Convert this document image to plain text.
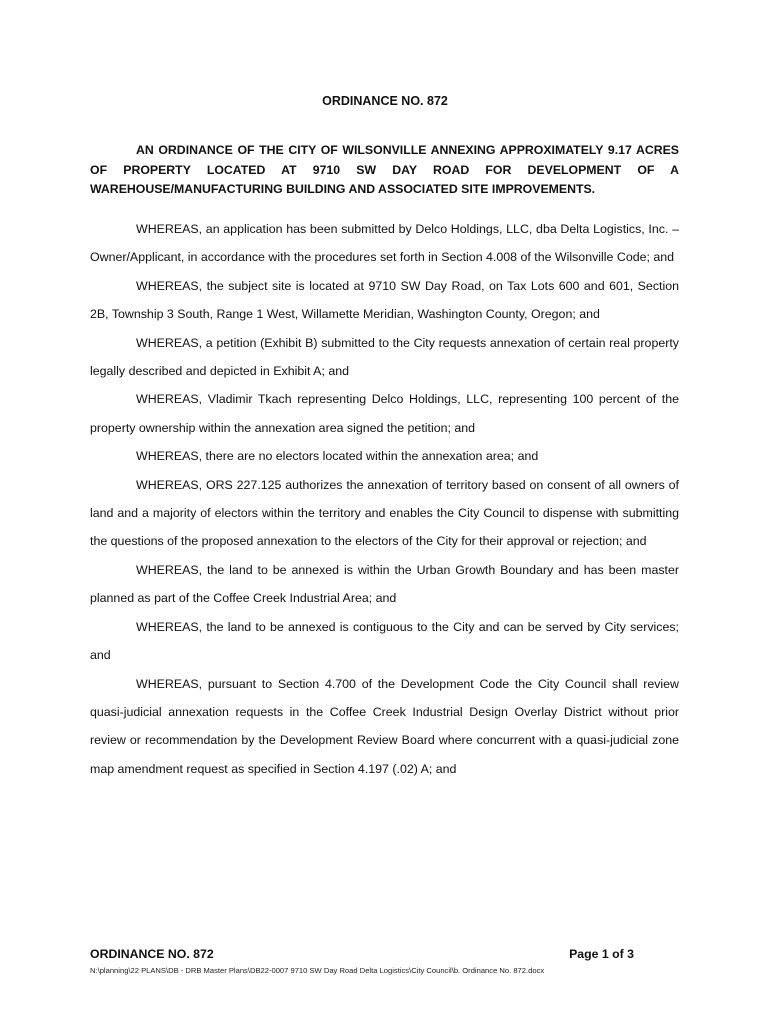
ORDINANCE NO. 872
AN ORDINANCE OF THE CITY OF WILSONVILLE ANNEXING APPROXIMATELY 9.17 ACRES OF PROPERTY LOCATED AT 9710 SW DAY ROAD FOR DEVELOPMENT OF A WAREHOUSE/MANUFACTURING BUILDING AND ASSOCIATED SITE IMPROVEMENTS.

WHEREAS, an application has been submitted by Delco Holdings, LLC, dba Delta Logistics, Inc. – Owner/Applicant, in accordance with the procedures set forth in Section 4.008 of the Wilsonville Code; and

WHEREAS, the subject site is located at 9710 SW Day Road, on Tax Lots 600 and 601, Section 2B, Township 3 South, Range 1 West, Willamette Meridian, Washington County, Oregon; and

WHEREAS, a petition (Exhibit B) submitted to the City requests annexation of certain real property legally described and depicted in Exhibit A; and

WHEREAS, Vladimir Tkach representing Delco Holdings, LLC, representing 100 percent of the property ownership within the annexation area signed the petition; and

WHEREAS, there are no electors located within the annexation area; and

WHEREAS, ORS 227.125 authorizes the annexation of territory based on consent of all owners of land and a majority of electors within the territory and enables the City Council to dispense with submitting the questions of the proposed annexation to the electors of the City for their approval or rejection; and

WHEREAS, the land to be annexed is within the Urban Growth Boundary and has been master planned as part of the Coffee Creek Industrial Area; and

WHEREAS, the land to be annexed is contiguous to the City and can be served by City services; and

WHEREAS, pursuant to Section 4.700 of the Development Code the City Council shall review quasi-judicial annexation requests in the Coffee Creek Industrial Design Overlay District without prior review or recommendation by the Development Review Board where concurrent with a quasi-judicial zone map amendment request as specified in Section 4.197 (.02) A; and

ORDINANCE NO. 872	Page 1 of 3
N:\planning\22 PLANS\DB - DRB Master Plans\DB22-0007 9710 SW Day Road Delta Logistics\City Council\b. Ordinance No. 872.docx
